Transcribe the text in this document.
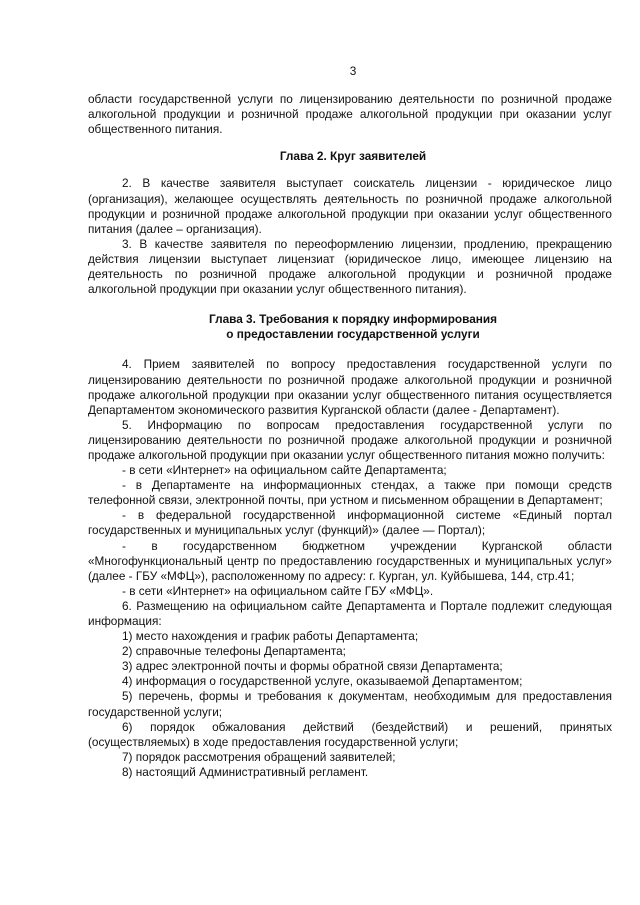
3

области государственной услуги по лицензированию деятельности по розничной продаже алкогольной продукции и розничной продаже алкогольной продукции при оказании услуг общественного питания.

Глава 2. Круг заявителей

2. В качестве заявителя выступает соискатель лицензии - юридическое лицо (организация), желающее осуществлять деятельность по розничной продаже алкогольной продукции и розничной продаже алкогольной продукции при оказании услуг общественного питания (далее – организация).

3. В качестве заявителя по переоформлению лицензии, продлению, прекращению действия лицензии выступает лицензиат (юридическое лицо, имеющее лицензию на деятельность по розничной продаже алкогольной продукции и розничной продаже алкогольной продукции при оказании услуг общественного питания).

Глава 3. Требования к порядку информирования
о предоставлении государственной услуги

4. Прием заявителей по вопросу предоставления государственной услуги по лицензированию деятельности по розничной продаже алкогольной продукции и розничной продаже алкогольной продукции при оказании услуг общественного питания осуществляется Департаментом экономического развития Курганской области (далее - Департамент).

5. Информацию по вопросам предоставления государственной услуги по лицензированию деятельности по розничной продаже алкогольной продукции и розничной продаже алкогольной продукции при оказании услуг общественного питания можно получить:

- в сети «Интернет» на официальном сайте Департамента;

- в Департаменте на информационных стендах, а также при помощи средств телефонной связи, электронной почты, при устном и письменном обращении в Департамент;

- в федеральной государственной информационной системе «Единый портал государственных и муниципальных услуг (функций)» (далее — Портал);

- в государственном бюджетном учреждении Курганской области «Многофункциональный центр по предоставлению государственных и муниципальных услуг» (далее - ГБУ «МФЦ»), расположенному по адресу: г. Курган, ул. Куйбышева, 144, стр.41;

- в сети «Интернет» на официальном сайте ГБУ «МФЦ».

6. Размещению на официальном сайте Департамента и Портале подлежит следующая информация:

1) место нахождения и график работы Департамента;

2) справочные телефоны Департамента;

3) адрес электронной почты и формы обратной связи Департамента;

4) информация о государственной услуге, оказываемой Департаментом;

5) перечень, формы и требования к документам, необходимым для предоставления государственной услуги;

6) порядок обжалования действий (бездействий) и решений, принятых (осуществляемых) в ходе предоставления государственной услуги;

7) порядок рассмотрения обращений заявителей;

8) настоящий Административный регламент.
